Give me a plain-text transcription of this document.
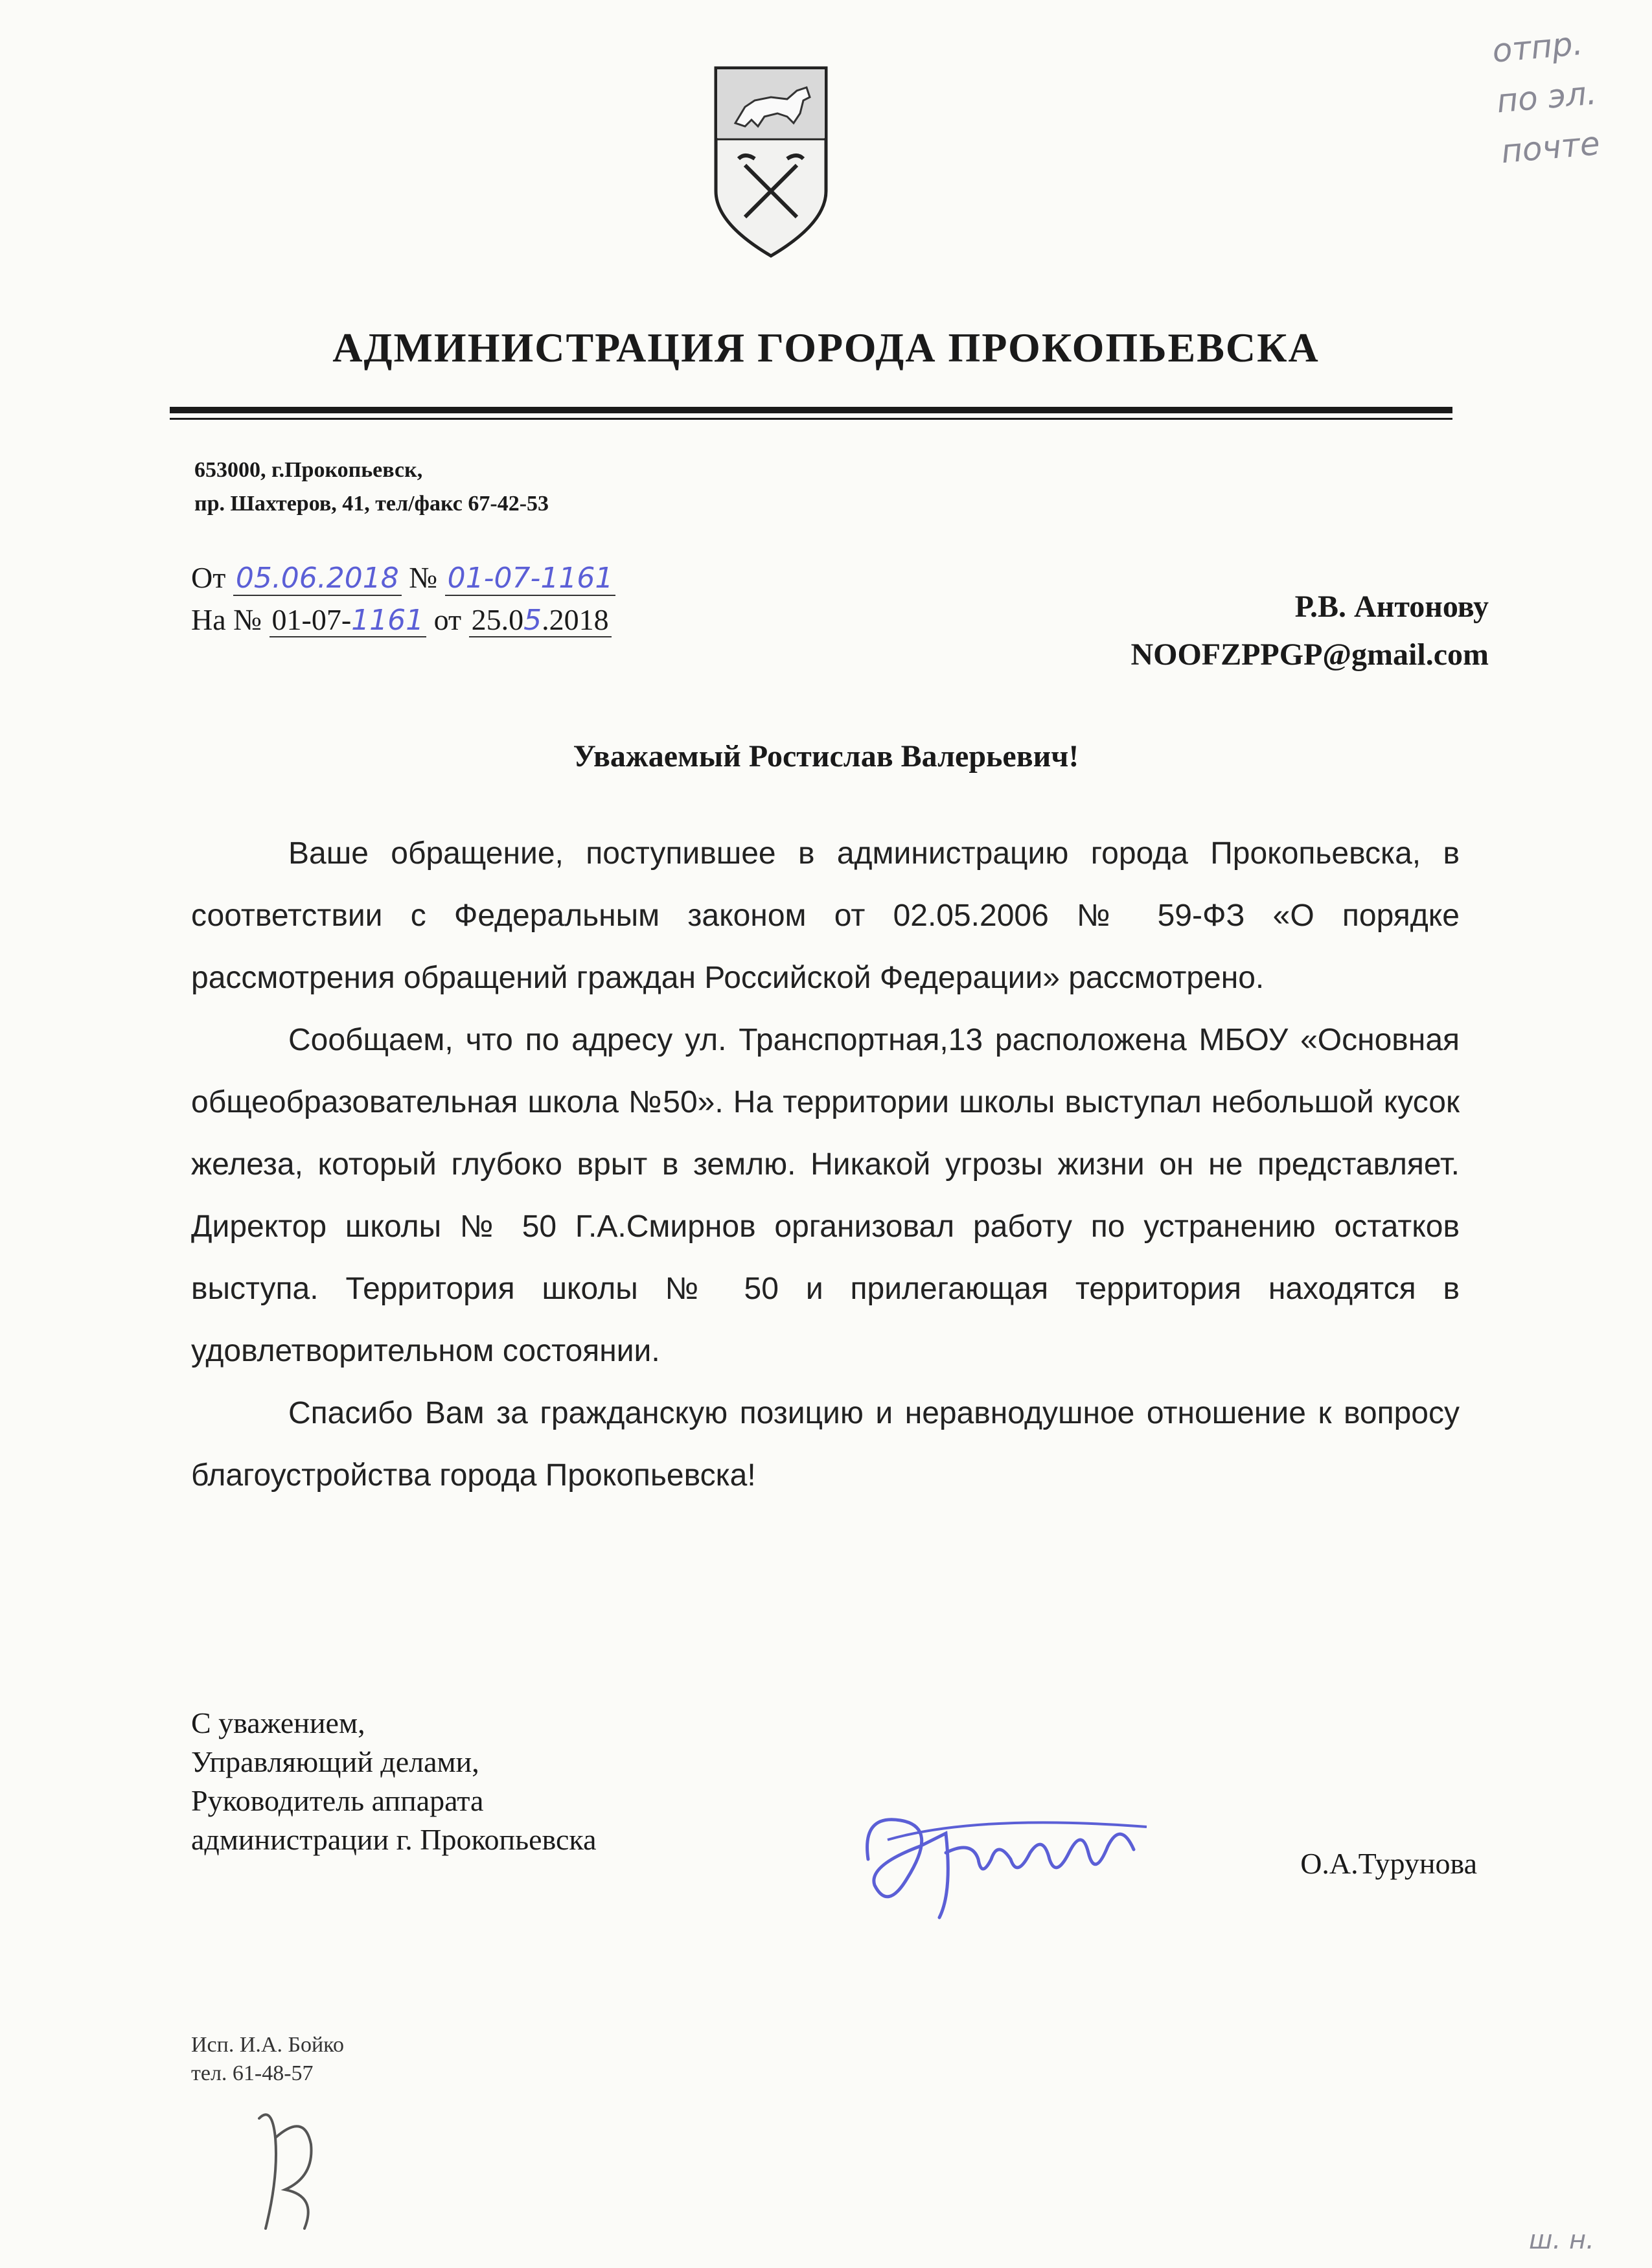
отпр.
по эл.
почте
АДМИНИСТРАЦИЯ ГОРОДА ПРОКОПЬЕВСКА
653000, г.Прокопьевск,
пр. Шахтеров, 41, тел/факс 67-42-53
От 05.06.2018 № 01-07-1161
На № 01-07-1161 от 25.05.2018	Р.В. Антонову
NOOFZPPGP@gmail.com
Уважаемый Ростислав Валерьевич!

Ваше обращение, поступившее в администрацию города Прокопьевска, в соответствии с Федеральным законом от 02.05.2006 № 59-ФЗ «О порядке рассмотрения обращений граждан Российской Федерации» рассмотрено.

Сообщаем, что по адресу ул. Транспортная,13 расположена МБОУ «Основная общеобразовательная школа №50». На территории школы выступал небольшой кусок железа, который глубоко врыт в землю. Никакой угрозы жизни он не представляет. Директор школы № 50 Г.А.Смирнов организовал работу по устранению остатков выступа. Территория школы № 50 и прилегающая территория находятся в удовлетворительном состоянии.

Спасибо Вам за гражданскую позицию и неравнодушное отношение к вопросу благоустройства города Прокопьевска!

С уважением,
Управляющий делами,
Руководитель аппарата
администрации г. Прокопьевска
О.А.Турунова
Исп. И.А. Бойко
тел. 61-48-57
ш. н.
